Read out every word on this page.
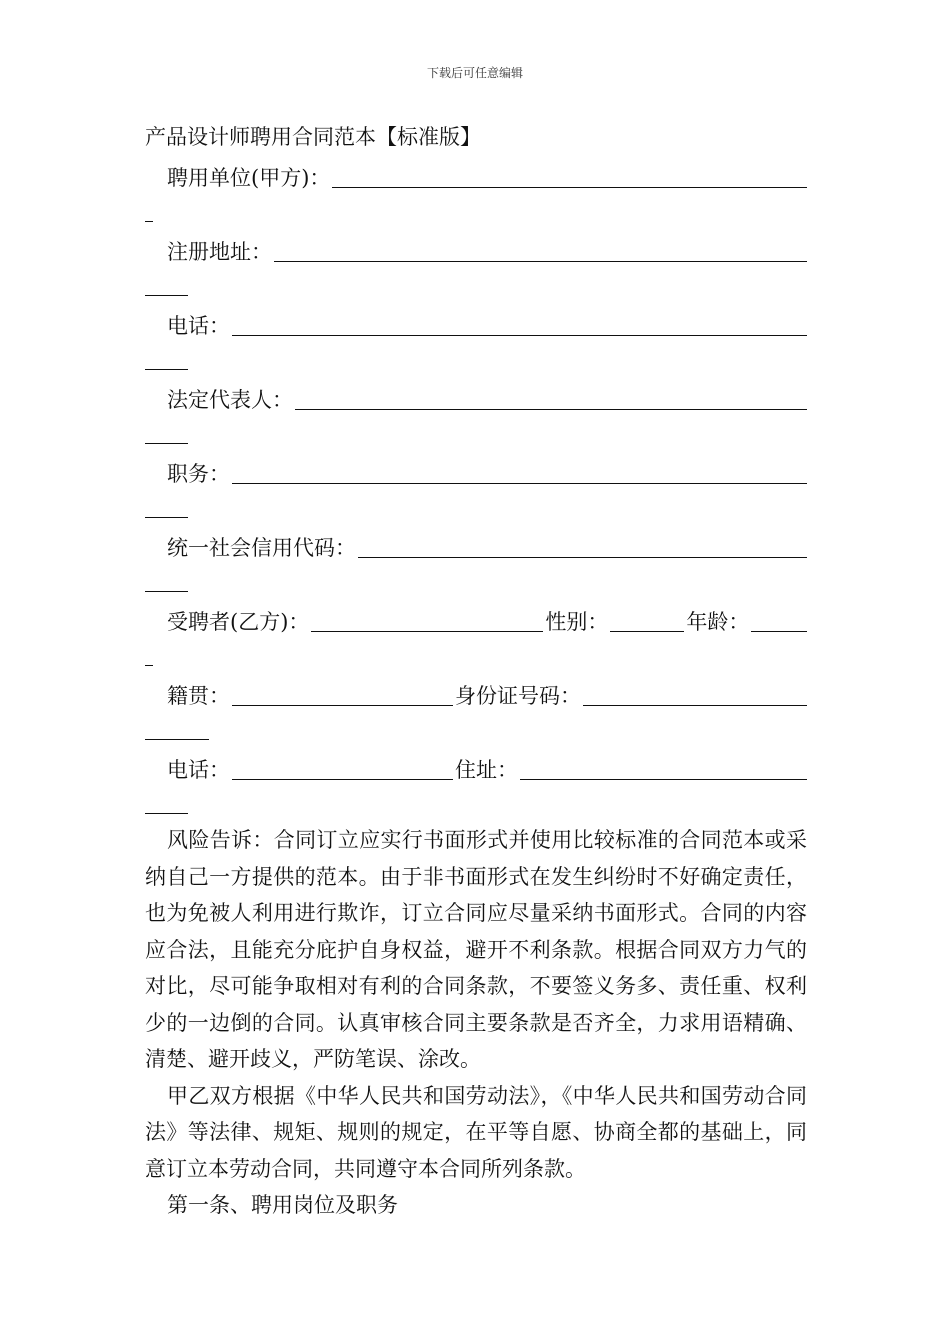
下载后可任意编辑
产品设计师聘用合同范本【标准版】
聘用单位(甲方)：
注册地址：
电话：
法定代表人：
职务：
统一社会信用代码：
受聘者(乙方)：	性别：	年龄：
籍贯：	身份证号码：
电话：	住址：

风险告诉：合同订立应实行书面形式并使用比较标准的合同范本或采纳自己一方提供的范本。由于非书面形式在发生纠纷时不好确定责任，也为免被人利用进行欺诈，订立合同应尽量采纳书面形式。合同的内容应合法，且能充分庇护自身权益，避开不利条款。根据合同双方力气的对比，尽可能争取相对有利的合同条款，不要签义务多、责任重、权利少的一边倒的合同。认真审核合同主要条款是否齐全，力求用语精确、清楚、避开歧义，严防笔误、涂改。

甲乙双方根据《中华人民共和国劳动法》，《中华人民共和国劳动合同法》等法律、规矩、规则的规定，在平等自愿、协商全都的基础上，同意订立本劳动合同，共同遵守本合同所列条款。

第一条、聘用岗位及职务
